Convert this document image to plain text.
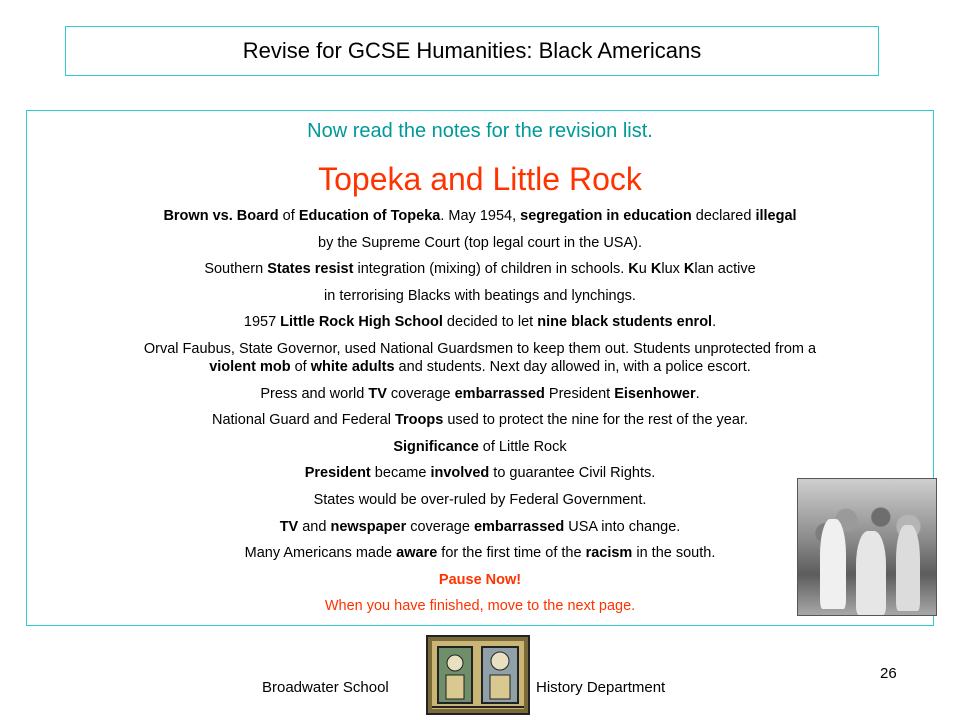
Revise for GCSE Humanities: Black Americans
Now read the notes for the revision list.
Topeka and Little Rock
Brown vs. Board of Education of Topeka. May 1954, segregation in education declared illegal
by the Supreme Court (top legal court in the USA).
Southern States resist integration (mixing) of children in schools. Ku Klux Klan active
in terrorising Blacks with beatings and lynchings.
1957 Little Rock High School decided to let nine black students enrol.
Orval Faubus, State Governor, used National Guardsmen to keep them out. Students unprotected from a
violent mob of white adults and students. Next day allowed in, with a police escort.
Press and world TV coverage embarrassed President Eisenhower.
National Guard and Federal Troops used to protect the nine for the rest of the year.
Significance of Little Rock
President became involved to guarantee Civil Rights.
States would be over-ruled by Federal Government.
TV and newspaper coverage embarrassed USA into change.
Many Americans made aware for the first time of the racism in the south.
Pause Now!
When you have finished, move to the next page.
Broadwater School	History Department
26
